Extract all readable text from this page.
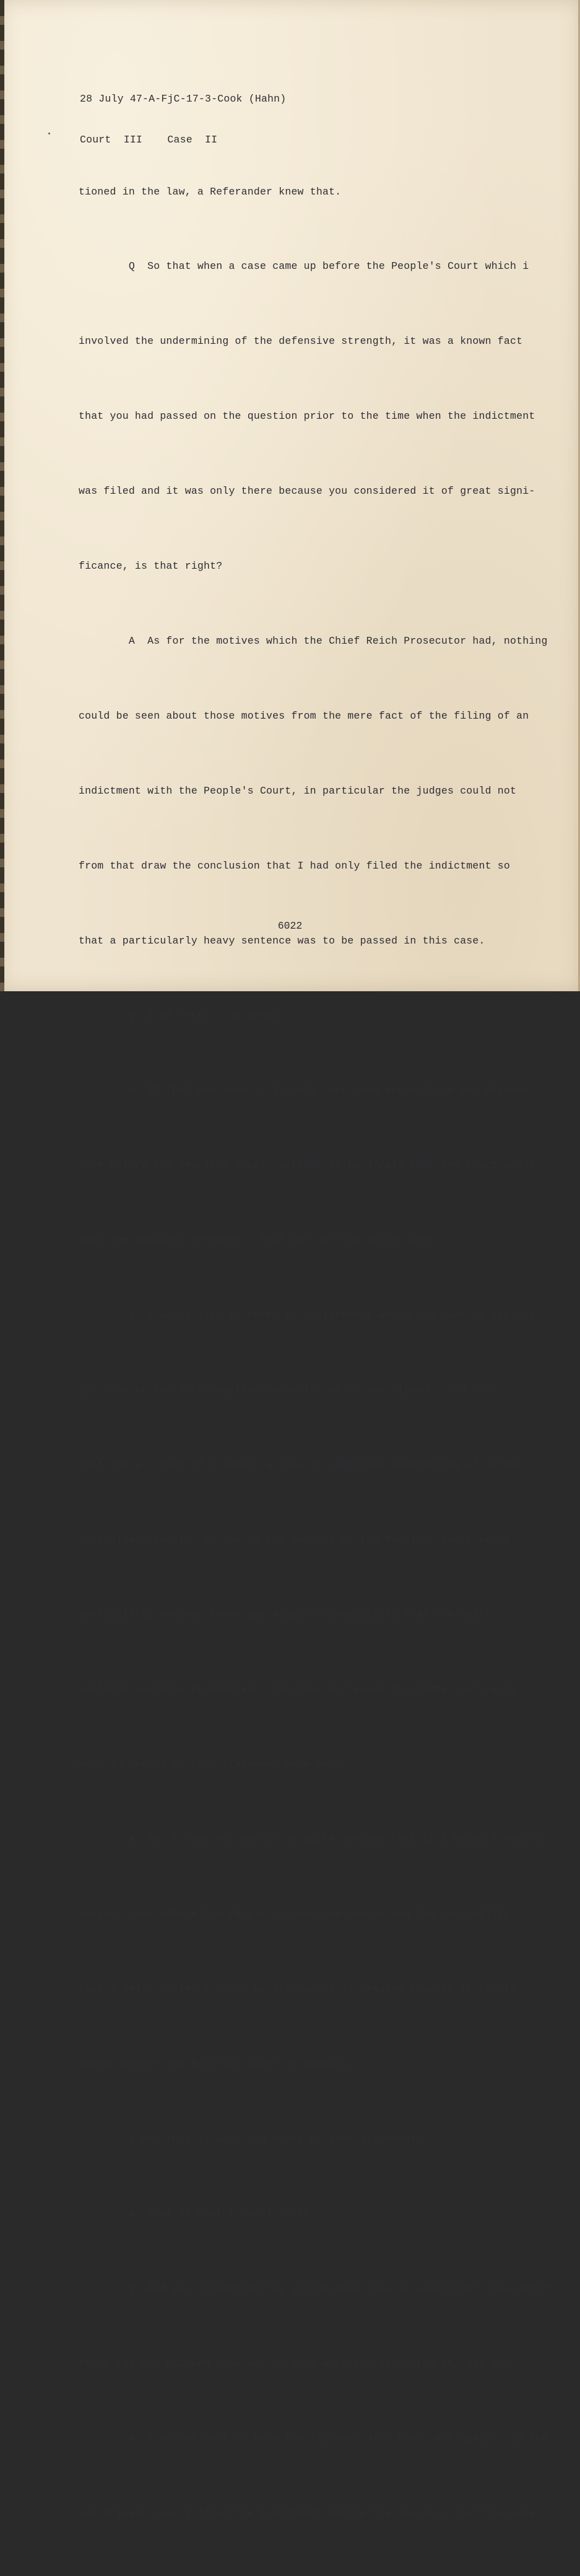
28 July 47-A-FjC-17-3-Cook (Hahn)

Court  III    Case  II

tioned in the law, a Referander knew that.

Q  So that when a case came up before the People's Court which i

involved the undermining of the defensive strength, it was a known fact

that you had passed on the question prior to the time when the indictment

was filed and it was only there because you considered it of great signi-

ficance, is that right?

A  As for the motives which the Chief Reich Prosecutor had, nothing

could be seen about those motives from the mere fact of the filing of an

indictment with the People's Court, in particular the judges could not

from that draw the conclusion that I had only filed the indictment so

that a particularly heavy sentence was to be passed in this case.

Q  I am sorry - go ahead.

A  If that had been so I could  not have brought the von Brinken

case before the People's Court, without being afraid that the Court would

pass the heaviest sentence.  That was not how things were.

Q  I would like to refer to a statement which you made in Exhibit

126, one of the interrogation summaries which you signed.  You said

that there - that if I submit a case of seditious undermining of German

defensive strength, to one of the Senates of the People's Court being

particularly serious there was always a possibility that the death

sentence would be pronounced.  You have no reason to change your testi-

mony in regard to that statement have you?

A  No, I have not and it is quite obvious that if I bring a really

serious case before the People's Court the danger and the possibility

that a death sentence could be pronounced is greated than if it should

appear before the District Court of Appeals.

Q And that is what you meant by that statement?

A  That is what I meant by it.

Q  And you recognized the Von Brinken case as exception?  You didn't

think the von Brinken case was serious when you presented it, did you?

A  I do not want to bore the Tribunal with that case again.  In the

von Brinken case I filed the indictment before the People's Court because

6022
